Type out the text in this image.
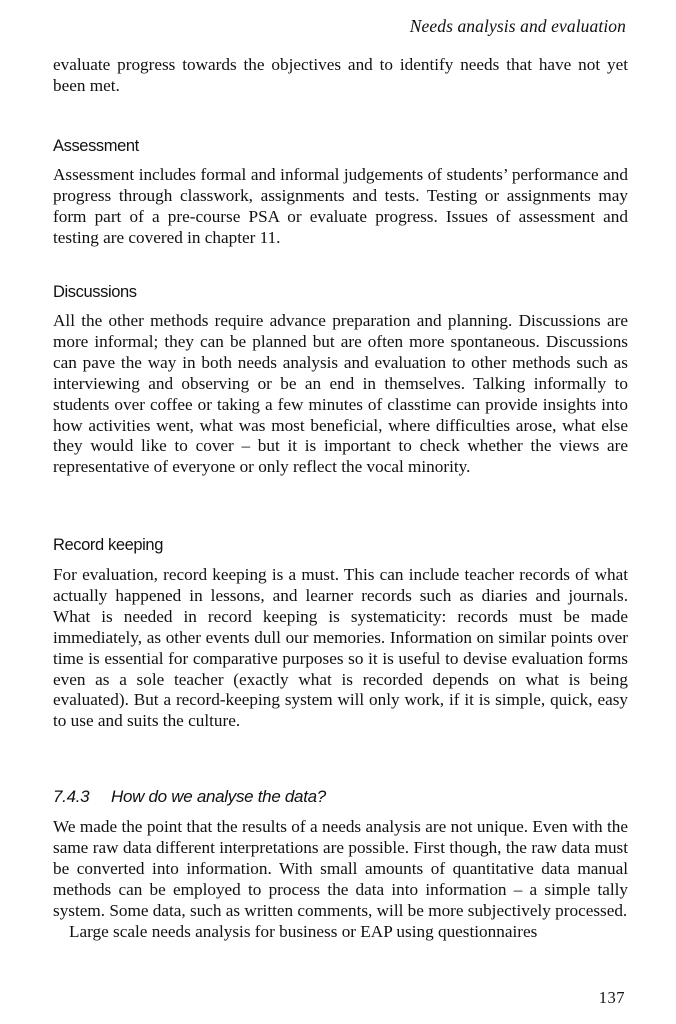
Needs analysis and evaluation

evaluate progress towards the objectives and to identify needs that have not yet been met.

Assessment

Assessment includes formal and informal judgements of students’ performance and progress through classwork, assignments and tests. Testing or assignments may form part of a pre-course PSA or evaluate progress. Issues of assessment and testing are covered in chapter 11.

Discussions

All the other methods require advance preparation and planning. Discussions are more informal; they can be planned but are often more spontaneous. Discussions can pave the way in both needs analysis and evaluation to other methods such as interviewing and observing or be an end in themselves. Talking informally to students over coffee or taking a few minutes of classtime can provide insights into how activities went, what was most beneficial, where difficulties arose, what else they would like to cover – but it is important to check whether the views are representative of everyone or only reflect the vocal minority.

Record keeping

For evaluation, record keeping is a must. This can include teacher records of what actually happened in lessons, and learner records such as diaries and journals. What is needed in record keeping is systematicity: records must be made immediately, as other events dull our memories. Information on similar points over time is essential for comparative purposes so it is useful to devise evaluation forms even as a sole teacher (exactly what is recorded depends on what is being evaluated). But a record-keeping system will only work, if it is simple, quick, easy to use and suits the culture.

7.4.3 How do we analyse the data?

We made the point that the results of a needs analysis are not unique. Even with the same raw data different interpretations are possible. First though, the raw data must be converted into information. With small amounts of quantitative data manual methods can be employed to process the data into information – a simple tally system. Some data, such as written comments, will be more subjectively processed.

Large scale needs analysis for business or EAP using questionnaires

137
